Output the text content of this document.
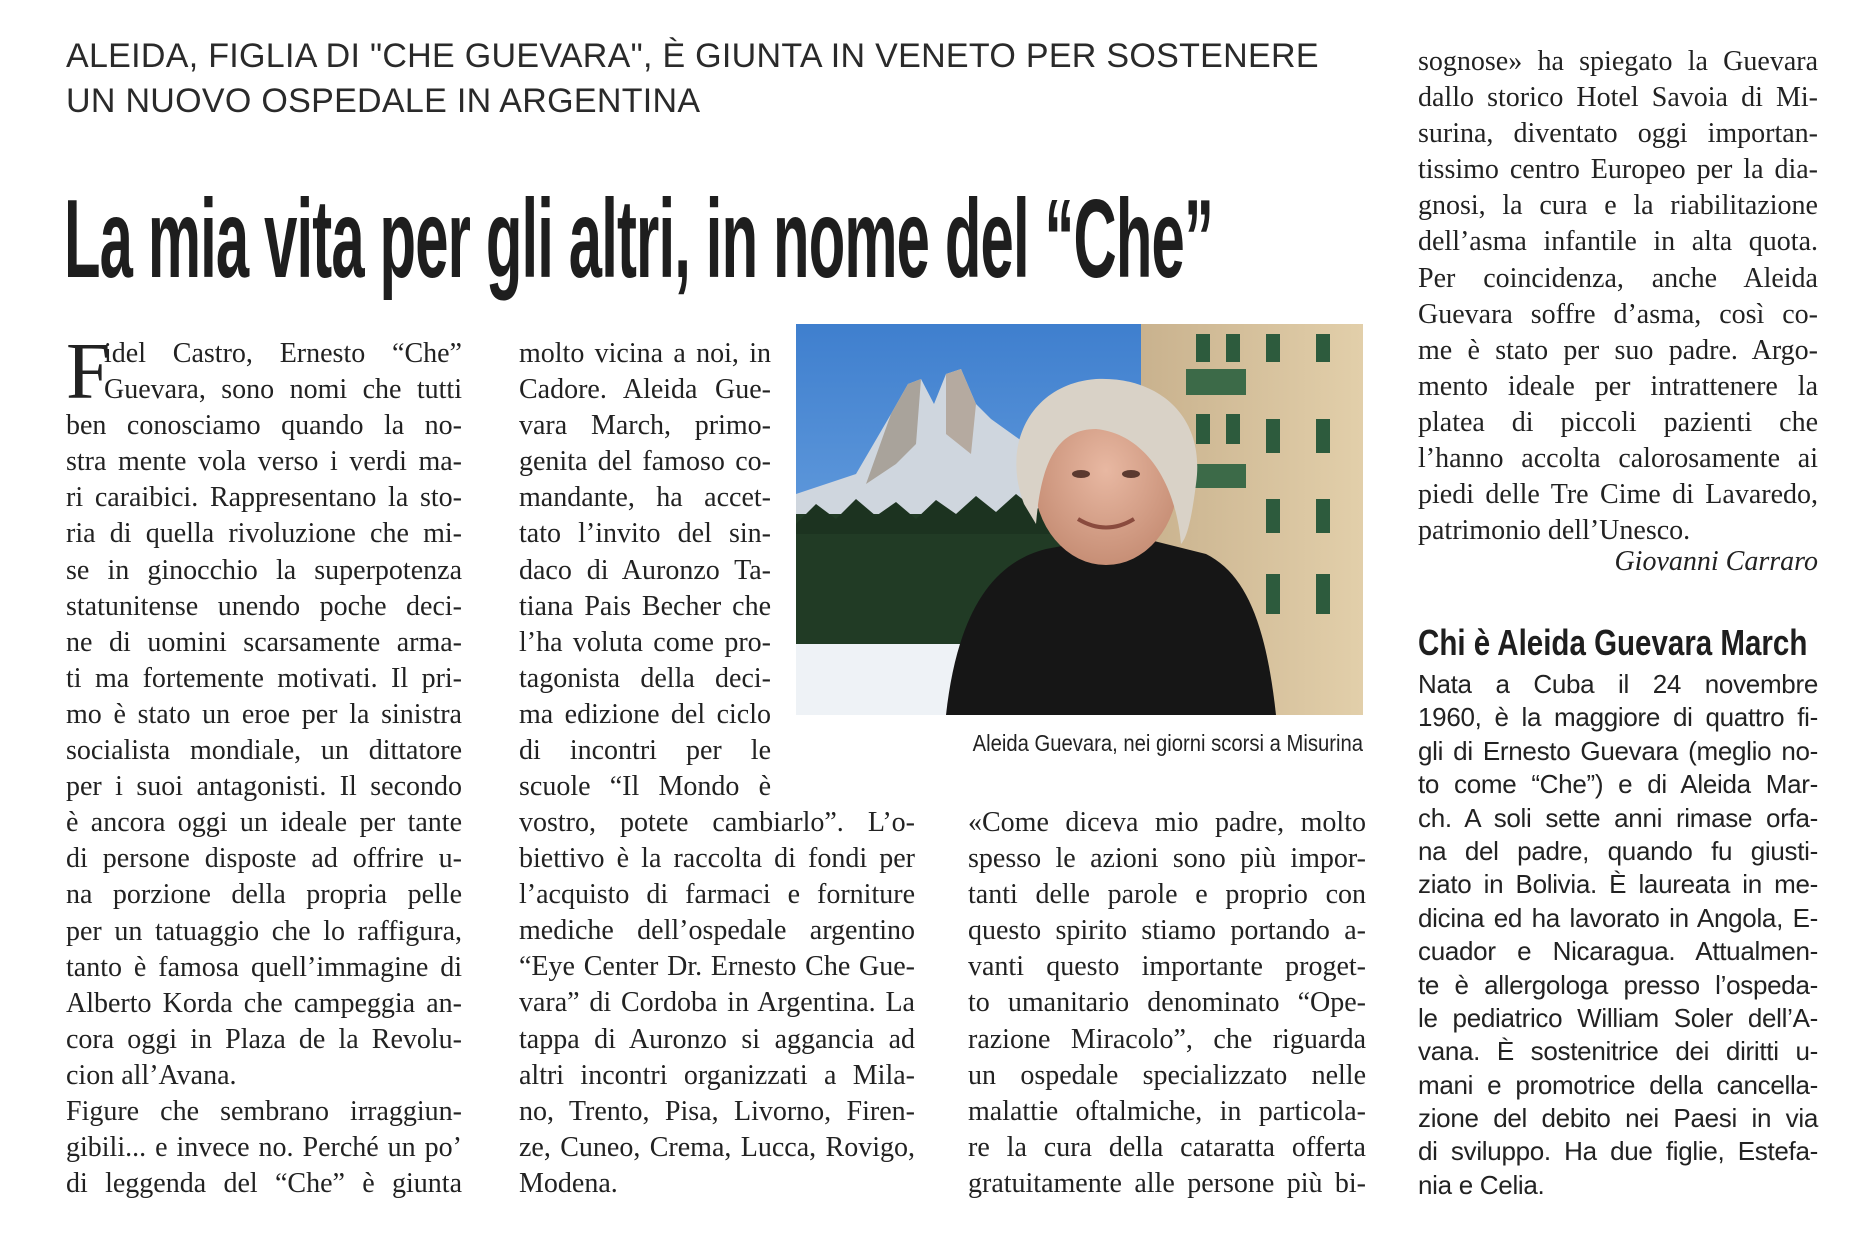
ALEIDA, FIGLIA DI "CHE GUEVARA", È GIUNTA IN VENETO PER SOSTENERE
UN NUOVO OSPEDALE IN ARGENTINA
La mia vita per gli altri, in nome del “Che”
F
idel Castro, Ernesto “Che”
Guevara, sono nomi che tutti
ben conosciamo quando la no-
stra mente vola verso i verdi ma-
ri caraibici. Rappresentano la sto-
ria di quella rivoluzione che mi-
se in ginocchio la superpotenza
statunitense unendo poche deci-
ne di uomini scarsamente arma-
ti ma fortemente motivati. Il pri-
mo è stato un eroe per la sinistra
socialista mondiale, un dittatore
per i suoi antagonisti. Il secondo
è ancora oggi un ideale per tante
di persone disposte ad offrire u-
na porzione della propria pelle
per un tatuaggio che lo raffigura,
tanto è famosa quell’immagine di
Alberto Korda che campeggia an-
cora oggi in Plaza de la Revolu-
cion all’Avana.
Figure che sembrano irraggiun-
gibili... e invece no. Perché un po’
di leggenda del “Che” è giunta
molto vicina a noi, in
Cadore. Aleida Gue-
vara March, primo-
genita del famoso co-
mandante, ha accet-
tato l’invito del sin-
daco di Auronzo Ta-
tiana Pais Becher che
l’ha voluta come pro-
tagonista della deci-
ma edizione del ciclo
di incontri per le
scuole “Il Mondo è
vostro, potete cambiarlo”. L’o-
biettivo è la raccolta di fondi per
l’acquisto di farmaci e forniture
mediche dell’ospedale argentino
“Eye Center Dr. Ernesto Che Gue-
vara” di Cordoba in Argentina. La
tappa di Auronzo si aggancia ad
altri incontri organizzati a Mila-
no, Trento, Pisa, Livorno, Firen-
ze, Cuneo, Crema, Lucca, Rovigo,
Modena.
«Come diceva mio padre, molto
spesso le azioni sono più impor-
tanti delle parole e proprio con
questo spirito stiamo portando a-
vanti questo importante proget-
to umanitario denominato “Ope-
razione Miracolo”, che riguarda
un ospedale specializzato nelle
malattie oftalmiche, in particola-
re la cura della cataratta offerta
gratuitamente alle persone più bi-
sognose» ha spiegato la Guevara
dallo storico Hotel Savoia di Mi-
surina, diventato oggi importan-
tissimo centro Europeo per la dia-
gnosi, la cura e la riabilitazione
dell’asma infantile in alta quota.
Per coincidenza, anche Aleida
Guevara soffre d’asma, così co-
me è stato per suo padre. Argo-
mento ideale per intrattenere la
platea di piccoli pazienti che
l’hanno accolta calorosamente ai
piedi delle Tre Cime di Lavaredo,
patrimonio dell’Unesco.
Giovanni Carraro
Aleida Guevara, nei giorni scorsi a Misurina
Chi è Aleida Guevara March
Nata a Cuba il 24 novembre
1960, è la maggiore di quattro fi-
gli di Ernesto Guevara (meglio no-
to come “Che”) e di Aleida Mar-
ch. A soli sette anni rimase orfa-
na del padre, quando fu giusti-
ziato in Bolivia. È laureata in me-
dicina ed ha lavorato in Angola, E-
cuador e Nicaragua. Attualmen-
te è allergologa presso l’ospeda-
le pediatrico William Soler dell’A-
vana. È sostenitrice dei diritti u-
mani e promotrice della cancella-
zione del debito nei Paesi in via
di sviluppo. Ha due figlie, Estefa-
nia e Celia.
